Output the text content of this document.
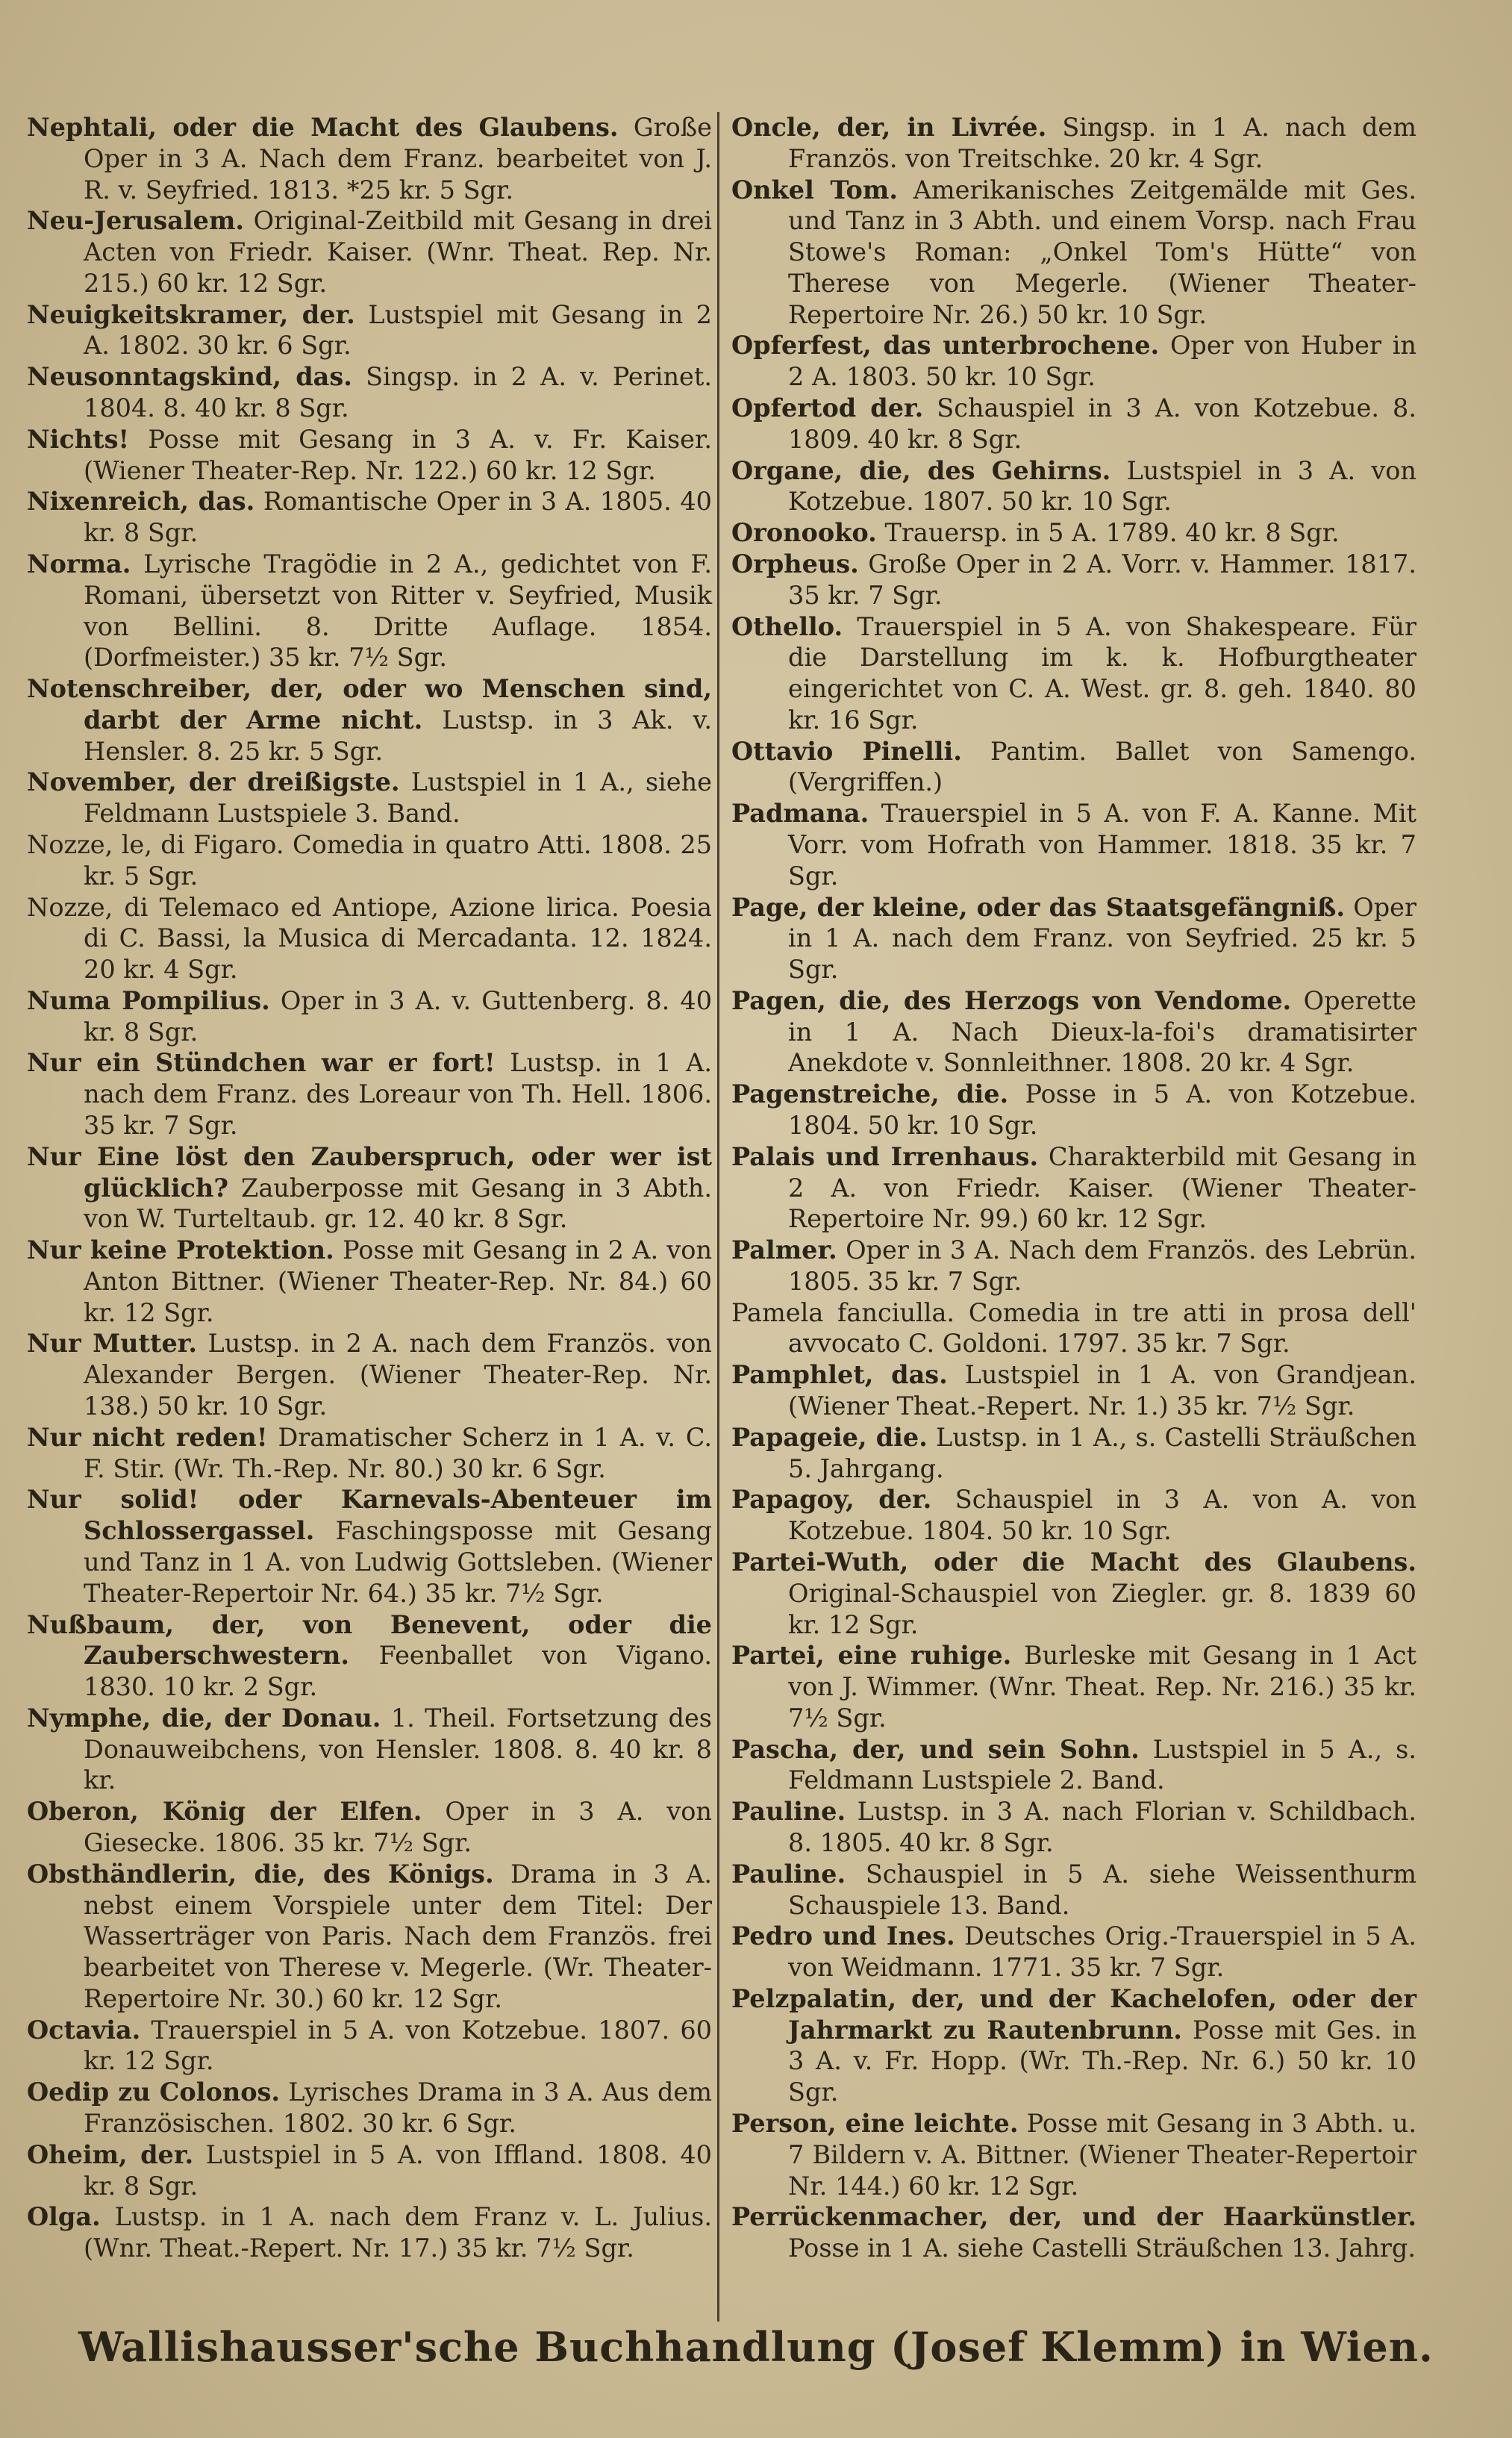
Nephtali, oder die Macht des Glaubens. Große Oper in 3 A. Nach dem Franz. bearbeitet von J. R. v. Seyfried. 1813. *25 kr. 5 Sgr.

Neu-Jerusalem. Original-Zeitbild mit Gesang in drei Acten von Friedr. Kaiser. (Wnr. Theat. Rep. Nr. 215.) 60 kr. 12 Sgr.

Neuigkeitskramer, der. Lustspiel mit Gesang in 2 A. 1802. 30 kr. 6 Sgr.

Neusonntagskind, das. Singsp. in 2 A. v. Perinet. 1804. 8. 40 kr. 8 Sgr.

Nichts! Posse mit Gesang in 3 A. v. Fr. Kaiser. (Wiener Theater-Rep. Nr. 122.) 60 kr. 12 Sgr.

Nixenreich, das. Romantische Oper in 3 A. 1805. 40 kr. 8 Sgr.

Norma. Lyrische Tragödie in 2 A., gedichtet von F. Romani, übersetzt von Ritter v. Seyfried, Musik von Bellini. 8. Dritte Auflage. 1854. (Dorfmeister.) 35 kr. 7½ Sgr.

Notenschreiber, der, oder wo Menschen sind, darbt der Arme nicht. Lustsp. in 3 Ak. v. Hensler. 8. 25 kr. 5 Sgr.

November, der dreißigste. Lustspiel in 1 A., siehe Feldmann Lustspiele 3. Band.

Nozze, le, di Figaro. Comedia in quatro Atti. 1808. 25 kr. 5 Sgr.

Nozze, di Telemaco ed Antiope, Azione lirica. Poesia di C. Bassi, la Musica di Mercadanta. 12. 1824. 20 kr. 4 Sgr.

Numa Pompilius. Oper in 3 A. v. Guttenberg. 8. 40 kr. 8 Sgr.

Nur ein Stündchen war er fort! Lustsp. in 1 A. nach dem Franz. des Loreaur von Th. Hell. 1806. 35 kr. 7 Sgr.

Nur Eine löst den Zauberspruch, oder wer ist glücklich? Zauberposse mit Gesang in 3 Abth. von W. Turteltaub. gr. 12. 40 kr. 8 Sgr.

Nur keine Protektion. Posse mit Gesang in 2 A. von Anton Bittner. (Wiener Theater-Rep. Nr. 84.) 60 kr. 12 Sgr.

Nur Mutter. Lustsp. in 2 A. nach dem Französ. von Alexander Bergen. (Wiener Theater-Rep. Nr. 138.) 50 kr. 10 Sgr.

Nur nicht reden! Dramatischer Scherz in 1 A. v. C. F. Stir. (Wr. Th.-Rep. Nr. 80.) 30 kr. 6 Sgr.

Nur solid! oder Karnevals-Abenteuer im Schlossergassel. Faschingsposse mit Gesang und Tanz in 1 A. von Ludwig Gottsleben. (Wiener Theater-Repertoir Nr. 64.) 35 kr. 7½ Sgr.

Nußbaum, der, von Benevent, oder die Zauberschwestern. Feenballet von Vigano. 1830. 10 kr. 2 Sgr.

Nymphe, die, der Donau. 1. Theil. Fortsetzung des Donauweibchens, von Hensler. 1808. 8. 40 kr. 8 kr.

Oberon, König der Elfen. Oper in 3 A. von Giesecke. 1806. 35 kr. 7½ Sgr.

Obsthändlerin, die, des Königs. Drama in 3 A. nebst einem Vorspiele unter dem Titel: Der Wasserträger von Paris. Nach dem Französ. frei bearbeitet von Therese v. Megerle. (Wr. Theater-Repertoire Nr. 30.) 60 kr. 12 Sgr.

Octavia. Trauerspiel in 5 A. von Kotzebue. 1807. 60 kr. 12 Sgr.

Oedip zu Colonos. Lyrisches Drama in 3 A. Aus dem Französischen. 1802. 30 kr. 6 Sgr.

Oheim, der. Lustspiel in 5 A. von Iffland. 1808. 40 kr. 8 Sgr.

Olga. Lustsp. in 1 A. nach dem Franz v. L. Julius. (Wnr. Theat.-Repert. Nr. 17.) 35 kr. 7½ Sgr.

Oncle, der, in Livrée. Singsp. in 1 A. nach dem Französ. von Treitschke. 20 kr. 4 Sgr.

Onkel Tom. Amerikanisches Zeitgemälde mit Ges. und Tanz in 3 Abth. und einem Vorsp. nach Frau Stowe's Roman: „Onkel Tom's Hütte“ von Therese von Megerle. (Wiener Theater-Repertoire Nr. 26.) 50 kr. 10 Sgr.

Opferfest, das unterbrochene. Oper von Huber in 2 A. 1803. 50 kr. 10 Sgr.

Opfertod der. Schauspiel in 3 A. von Kotzebue. 8. 1809. 40 kr. 8 Sgr.

Organe, die, des Gehirns. Lustspiel in 3 A. von Kotzebue. 1807. 50 kr. 10 Sgr.

Oronooko. Trauersp. in 5 A. 1789. 40 kr. 8 Sgr.

Orpheus. Große Oper in 2 A. Vorr. v. Hammer. 1817. 35 kr. 7 Sgr.

Othello. Trauerspiel in 5 A. von Shakespeare. Für die Darstellung im k. k. Hofburgtheater eingerichtet von C. A. West. gr. 8. geh. 1840. 80 kr. 16 Sgr.

Ottavio Pinelli. Pantim. Ballet von Samengo. (Vergriffen.)

Padmana. Trauerspiel in 5 A. von F. A. Kanne. Mit Vorr. vom Hofrath von Hammer. 1818. 35 kr. 7 Sgr.

Page, der kleine, oder das Staatsgefängniß. Oper in 1 A. nach dem Franz. von Seyfried. 25 kr. 5 Sgr.

Pagen, die, des Herzogs von Vendome. Operette in 1 A. Nach Dieux-la-foi's dramatisirter Anekdote v. Sonnleithner. 1808. 20 kr. 4 Sgr.

Pagenstreiche, die. Posse in 5 A. von Kotzebue. 1804. 50 kr. 10 Sgr.

Palais und Irrenhaus. Charakterbild mit Gesang in 2 A. von Friedr. Kaiser. (Wiener Theater-Repertoire Nr. 99.) 60 kr. 12 Sgr.

Palmer. Oper in 3 A. Nach dem Französ. des Lebrün. 1805. 35 kr. 7 Sgr.

Pamela fanciulla. Comedia in tre atti in prosa dell' avvocato C. Goldoni. 1797. 35 kr. 7 Sgr.

Pamphlet, das. Lustspiel in 1 A. von Grandjean. (Wiener Theat.-Repert. Nr. 1.) 35 kr. 7½ Sgr.

Papageie, die. Lustsp. in 1 A., s. Castelli Sträußchen 5. Jahrgang.

Papagoy, der. Schauspiel in 3 A. von A. von Kotzebue. 1804. 50 kr. 10 Sgr.

Partei-Wuth, oder die Macht des Glaubens. Original-Schauspiel von Ziegler. gr. 8. 1839 60 kr. 12 Sgr.

Partei, eine ruhige. Burleske mit Gesang in 1 Act von J. Wimmer. (Wnr. Theat. Rep. Nr. 216.) 35 kr. 7½ Sgr.

Pascha, der, und sein Sohn. Lustspiel in 5 A., s. Feldmann Lustspiele 2. Band.

Pauline. Lustsp. in 3 A. nach Florian v. Schildbach. 8. 1805. 40 kr. 8 Sgr.

Pauline. Schauspiel in 5 A. siehe Weissenthurm Schauspiele 13. Band.

Pedro und Ines. Deutsches Orig.-Trauerspiel in 5 A. von Weidmann. 1771. 35 kr. 7 Sgr.

Pelzpalatin, der, und der Kachelofen, oder der Jahrmarkt zu Rautenbrunn. Posse mit Ges. in 3 A. v. Fr. Hopp. (Wr. Th.-Rep. Nr. 6.) 50 kr. 10 Sgr.

Person, eine leichte. Posse mit Gesang in 3 Abth. u. 7 Bildern v. A. Bittner. (Wiener Theater-Repertoir Nr. 144.) 60 kr. 12 Sgr.

Perrückenmacher, der, und der Haarkünstler. Posse in 1 A. siehe Castelli Sträußchen 13. Jahrg.

Wallishausser'sche Buchhandlung (Josef Klemm) in Wien.
